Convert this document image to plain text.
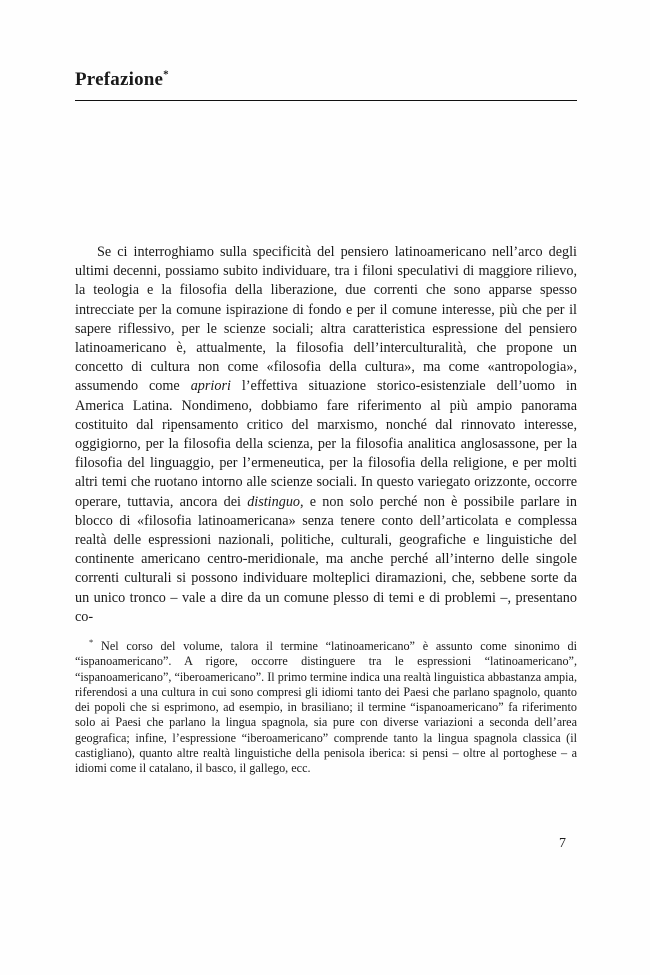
Prefazione*

Se ci interroghiamo sulla specificità del pensiero latinoamericano nell’arco degli ultimi decenni, possiamo subito individuare, tra i filoni speculativi di maggiore rilievo, la teologia e la filosofia della liberazione, due correnti che sono apparse spesso intrecciate per la comune ispirazione di fondo e per il comune interesse, più che per il sapere riflessivo, per le scienze sociali; altra caratteristica espressione del pensiero latinoamericano è, attualmente, la filosofia dell’interculturalità, che propone un concetto di cultura non come «filosofia della cultura», ma come «antropologia», assumendo come apriori l’effettiva situazione storico-esistenziale dell’uomo in America Latina. Nondimeno, dobbiamo fare riferimento al più ampio panorama costituito dal ripensamento critico del marxismo, nonché dal rinnovato interesse, oggigiorno, per la filosofia della scienza, per la filosofia analitica anglosassone, per la filosofia del linguaggio, per l’ermeneutica, per la filosofia della religione, e per molti altri temi che ruotano intorno alle scienze sociali. In questo variegato orizzonte, occorre operare, tuttavia, ancora dei distinguo, e non solo perché non è possibile parlare in blocco di «filosofia latinoamericana» senza tenere conto dell’articolata e complessa realtà delle espressioni nazionali, politiche, culturali, geografiche e linguistiche del continente americano centro-meridionale, ma anche perché all’interno delle singole correnti culturali si possono individuare molteplici diramazioni, che, sebbene sorte da un unico tronco – vale a dire da un comune plesso di temi e di problemi –, presentano co-

* Nel corso del volume, talora il termine “latinoamericano” è assunto come sinonimo di “ispanoamericano”. A rigore, occorre distinguere tra le espressioni “latinoamericano”, “ispanoamericano”, “iberoamericano”. Il primo termine indica una realtà linguistica abbastanza ampia, riferendosi a una cultura in cui sono compresi gli idiomi tanto dei Paesi che parlano spagnolo, quanto dei popoli che si esprimono, ad esempio, in brasiliano; il termine “ispanoamericano” fa riferimento solo ai Paesi che parlano la lingua spagnola, sia pure con diverse variazioni a seconda dell’area geografica; infine, l’espressione “iberoamericano” comprende tanto la lingua spagnola classica (il castigliano), quanto altre realtà linguistiche della penisola iberica: si pensi – oltre al portoghese – a idiomi come il catalano, il basco, il gallego, ecc.

7
